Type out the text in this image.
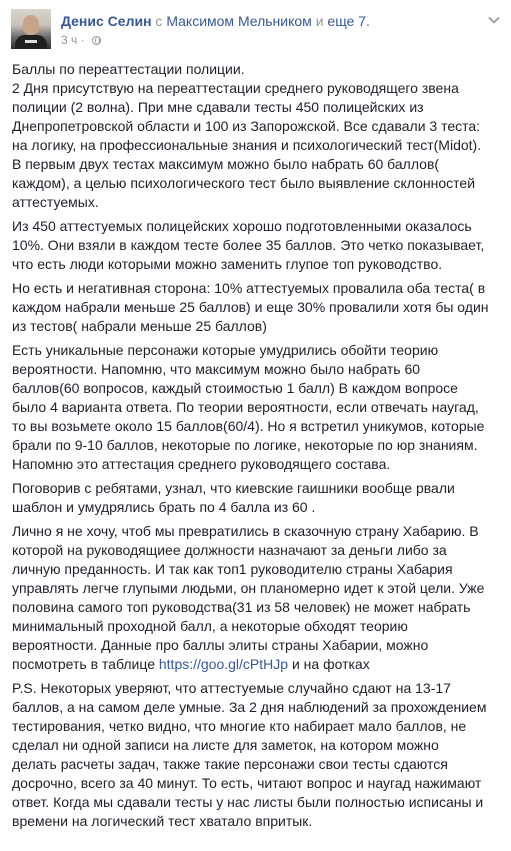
Денис Селин с Максимом Мельником и еще 7.
3 ч ·
Баллы по переаттестации полиции.
2 Дня присутствую на переаттестации среднего руководящего звена
полиции (2 волна). При мне сдавали тесты 450 полицейских из
Днепропетровской области и 100 из Запорожской. Все сдавали 3 теста:
на логику, на профессиональные знания и психологический тест(Midot).
В первым двух тестах максимум можно было набрать 60 баллов(
каждом), а целью психологического тест было выявление склонностей
аттестуемых.
Из 450 аттестуемых полицейских хорошо подготовленными оказалось
10%. Они взяли в каждом тесте более 35 баллов. Это четко показывает,
что есть люди которыми можно заменить глупое топ руководство.
Но есть и негативная сторона: 10% аттестуемых провалила оба теста( в
каждом набрали меньше 25 баллов) и еще 30% провалили хотя бы один
из тестов( набрали меньше 25 баллов)
Есть уникальные персонажи которые умудрились обойти теорию
вероятности. Напомню, что максимум можно было набрать 60
баллов(60 вопросов, каждый стоимостью 1 балл) В каждом вопросе
было 4 варианта ответа. По теории вероятности, если отвечать наугад,
то вы возьмете около 15 баллов(60/4). Но я встретил уникумов, которые
брали по 9-10 баллов, некоторые по логике, некоторые по юр знаниям.
Напомню это аттестация среднего руководящего состава.
Поговорив с ребятами, узнал, что киевские гаишники вообще рвали
шаблон и умудрялись брать по 4 балла из 60 .
Лично я не хочу, чтоб мы превратились в сказочную страну Хабарию. В
которой на руководящиее должности назначают за деньги либо за
личную преданность. И так как топ1 руководителю страны Хабария
управлять легче глупыми людьми, он планомерно идет к этой цели. Уже
половина самого топ руководства(31 из 58 человек) не может набрать
минимальный проходной балл, а некоторые обходят теорию
вероятности. Данные про баллы элиты страны Хабарии, можно
посмотреть в таблице https://goo.gl/cPtHJp и на фотках
P.S. Некоторых уверяют, что аттестуемые случайно сдают на 13-17
баллов, а на самом деле умные. За 2 дня наблюдений за прохождением
тестирования, четко видно, что многие кто набирает мало баллов, не
сделал ни одной записи на листе для заметок, на котором можно
делать расчеты задач, также такие персонажи свои тесты сдаются
досрочно, всего за 40 минут. То есть, читают вопрос и наугад нажимают
ответ. Когда мы сдавали тесты у нас листы были полностью исписаны и
времени на логический тест хватало впритык.
